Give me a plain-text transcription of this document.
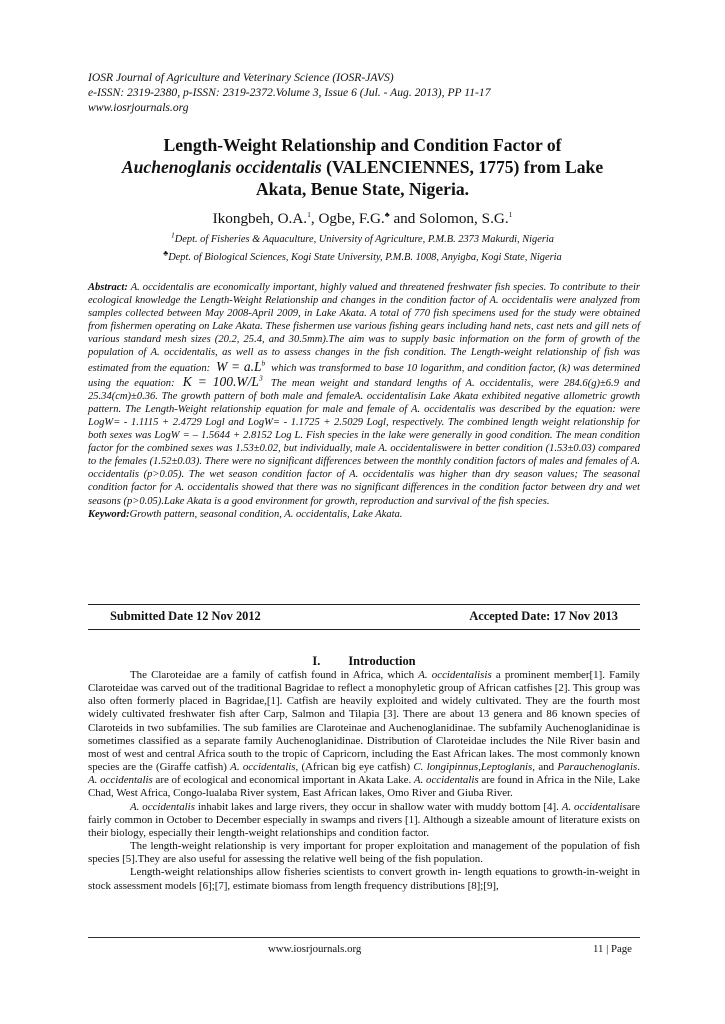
IOSR Journal of Agriculture and Veterinary Science (IOSR-JAVS)
e-ISSN: 2319-2380, p-ISSN: 2319-2372.Volume 3, Issue 6 (Jul. - Aug. 2013), PP 11-17
www.iosrjournals.org
Length-Weight Relationship and Condition Factor of
Auchenoglanis occidentalis (VALENCIENNES, 1775) from Lake
Akata, Benue State, Nigeria.
Ikongbeh, O.A.$^1$, Ogbe, F.G.♣ and Solomon, S.G.$^1$
$^1$Dept. of Fisheries & Aquaculture, University of Agriculture, P.M.B. 2373 Makurdi, Nigeria
♣Dept. of Biological Sciences, Kogi State University, P.M.B. 1008, Anyigba, Kogi State, Nigeria

Abstract: A. occidentalis are economically important, highly valued and threatened freshwater fish species. To contribute to their ecological knowledge the Length-Weight Relationship and changes in the condition factor of A. occidentalis were analyzed from samples collected between May 2008-April 2009, in Lake Akata. A total of 770 fish specimens used for the study were obtained from fishermen operating on Lake Akata. These fishermen use various fishing gears including hand nets, cast nets and gill nets of various standard mesh sizes (20.2, 25.4, and 30.5mm).The aim was to supply basic information on the form of growth of the population of A. occidentalis, as well as to assess changes in the fish condition. The Length-weight relationship of fish was estimated from the equation: $W = a.L^b$ which was transformed to base 10 logarithm, and condition factor, (k) was determined using the equation: $K = 100.W/L^3$ The mean weight and standard lengths of A. occidentalis, were 284.6(g)±6.9 and 25.34(cm)±0.36. The growth pattern of both male and femaleA. occidentalisin Lake Akata exhibited negative allometric growth pattern. The Length-Weight relationship equation for male and female of A. occidentalis was described by the equation: were LogW= - 1.1115 + 2.4729 Logl and LogW= - 1.1725 + 2.5029 Logl, respectively. The combined length weight relationship for both sexes was LogW = – 1.5644 + 2.8152 Log L. Fish species in the lake were generally in good condition. The mean condition factor for the combined sexes was 1.53±0.02, but individually, male A. occidentaliswere in better condition (1.53±0.03) compared to the females (1.52±0.03). There were no significant differences between the monthly condition factors of males and females of A. occidentalis (p>0.05). The wet season condition factor of A. occidentalis was higher than dry season values; The seasonal condition factor for A. occidentalis showed that there was no significant differences in the condition factor between dry and wet seasons (p>0.05).Lake Akata is a good environment for growth, reproduction and survival of the fish species.

Keyword:Growth pattern, seasonal condition, A. occidentalis, Lake Akata.

Submitted Date 12 Nov 2012	Accepted Date: 17 Nov 2013
I. Introduction

The Claroteidae are a family of catfish found in Africa, which A. occidentalisis a prominent member[1]. Family Claroteidae was carved out of the traditional Bagridae to reflect a monophyletic group of African catfishes [2]. This group was also often formerly placed in Bagridae,[1]. Catfish are heavily exploited and widely cultivated. They are the fourth most widely cultivated freshwater fish after Carp, Salmon and Tilapia [3]. There are about 13 genera and 86 known species of Claroteids in two subfamilies. The sub families are Claroteinae and Auchenoglanidinae. The subfamily Auchenoglanidinae is sometimes classified as a separate family Auchenoglanidinae. Distribution of Claroteidae includes the Nile River basin and most of west and central Africa south to the tropic of Capricorn, including the East African lakes. The most commonly known species are the (Giraffe catfish) A. occidentalis, (African big eye catfish) C. longipinnus,Leptoglanis, and Parauchenoglanis. A. occidentalis are of ecological and economical important in Akata Lake. A. occidentalis are found in Africa in the Nile, Lake Chad, West Africa, Congo-lualaba River system, East African lakes, Omo River and Giuba River.

A. occidentalis inhabit lakes and large rivers, they occur in shallow water with muddy bottom [4]. A. occidentalisare fairly common in October to December especially in swamps and rivers [1]. Although a sizeable amount of literature exists on their biology, especially their length-weight relationships and condition factor.

The length-weight relationship is very important for proper exploitation and management of the population of fish species [5].They are also useful for assessing the relative well being of the fish population.

Length-weight relationships allow fisheries scientists to convert growth in- length equations to growth-in-weight in stock assessment models [6];[7], estimate biomass from length frequency distributions [8];[9],

www.iosrjournals.org	11 | Page
